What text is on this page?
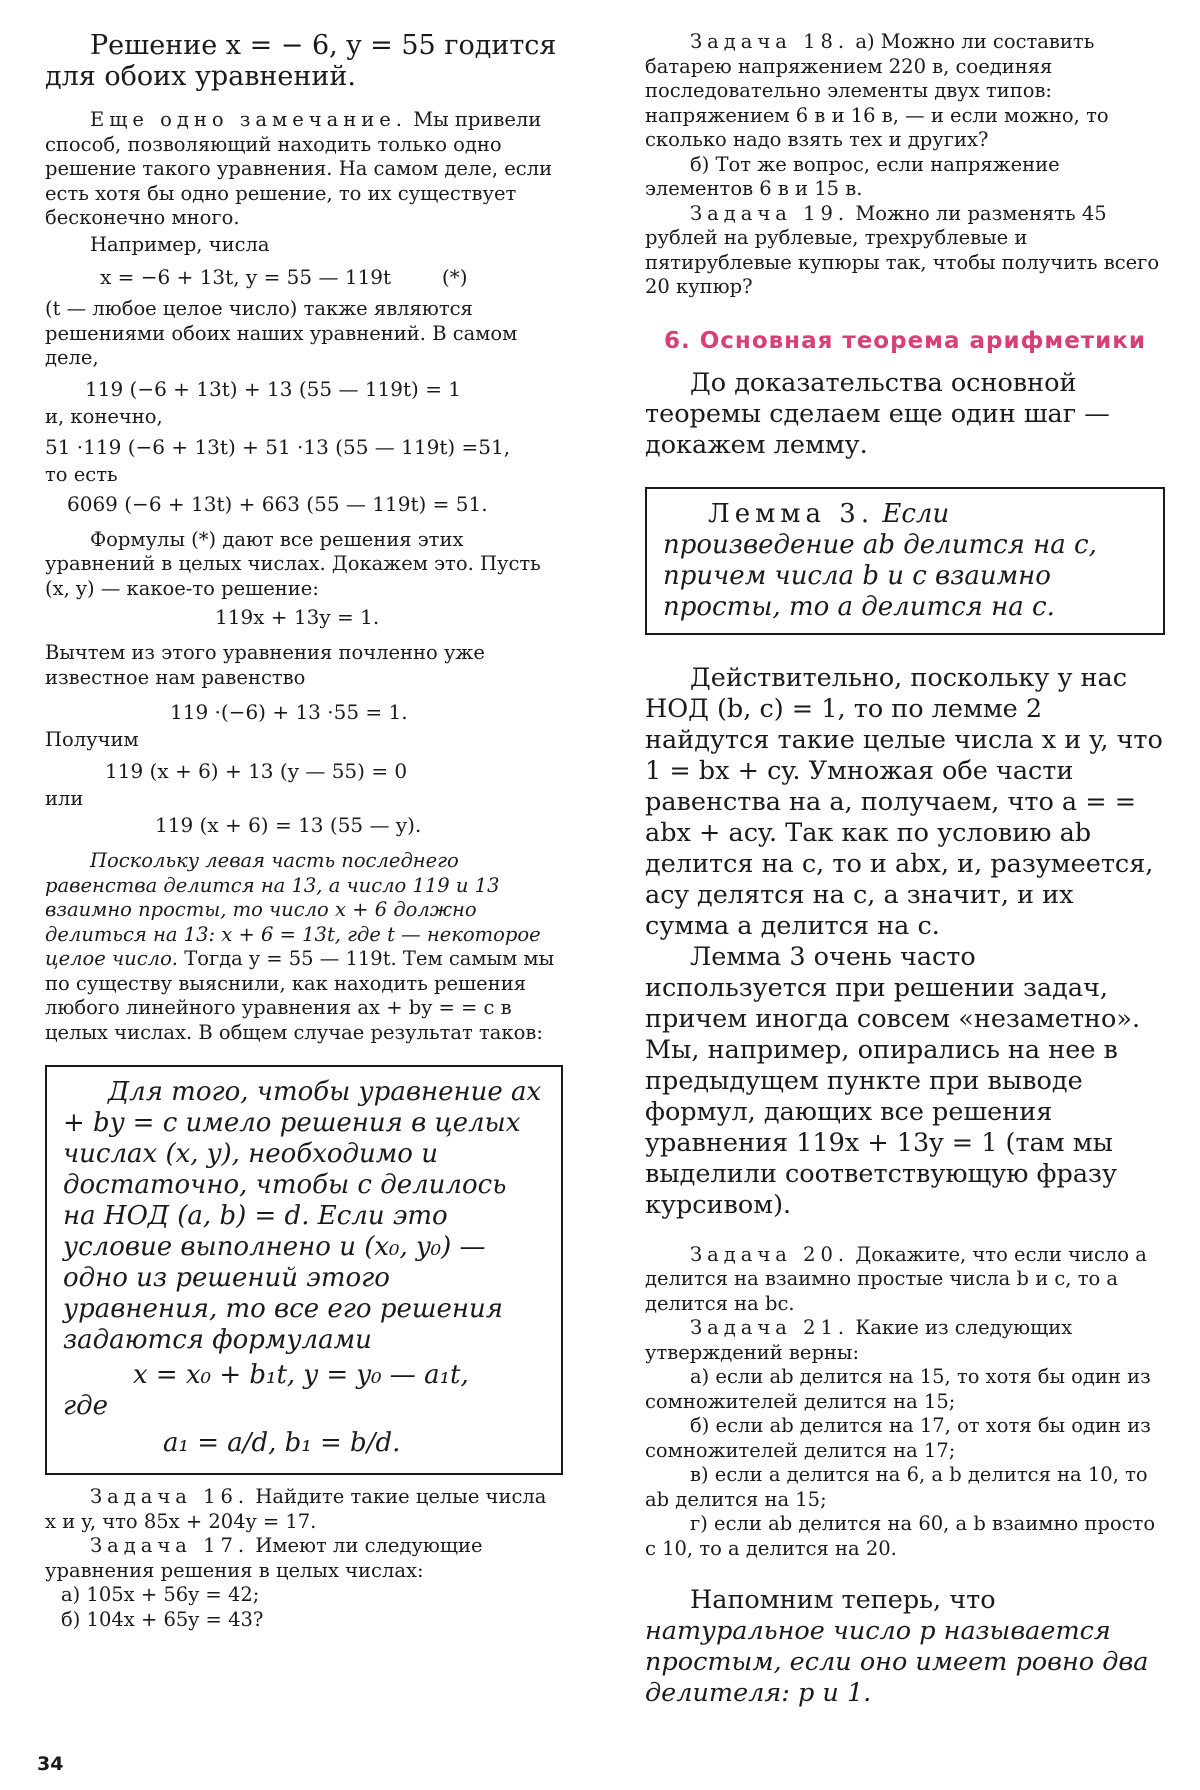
Решение x = − 6, y = 55 годится для обоих уравнений.

Еще одно замечание. Мы привели способ, позволяющий находить только одно решение такого уравнения. На самом деле, если есть хотя бы одно решение, то их существует бесконечно много.

Например, числа

x = −6 + 13t, y = 55 — 119t        (*)

(t — любое целое число) также являются решениями обоих наших уравнений. В самом деле,

119 (−6 + 13t) + 13 (55 — 119t) = 1

и, конечно,

51 ·119 (−6 + 13t) + 51 ·13 (55 — 119t) =51,

то есть

6069 (−6 + 13t) + 663 (55 — 119t) = 51.

Формулы (*) дают все решения этих уравнений в целых числах. Докажем это. Пусть (x, y) — какое-то решение:

119x + 13y = 1.

Вычтем из этого уравнения почленно уже известное нам равенство

119 ·(−6) + 13 ·55 = 1.

Получим

119 (x + 6) + 13 (y — 55) = 0

или

119 (x + 6) = 13 (55 — y).

Поскольку левая часть последнего равенства делится на 13, а число 119 и 13 взаимно просты, то число x + 6 должно делиться на 13: x + 6 = 13t, где t — некоторое целое число. Тогда y = 55 — 119t. Тем самым мы по существу выяснили, как находить решения любого линейного уравнения ax + by = = c в целых числах. В общем случае результат таков:

Для того, чтобы уравнение ax + by = c имело решения в целых числах (x, y), необходимо и достаточно, чтобы c делилось на НОД (a, b) = d. Если это условие выполнено и (x₀, y₀) — одно из решений этого уравнения, то все его решения задаются формулами

x = x₀ + b₁t, y = y₀ — a₁t,

где

a₁ = a/d, b₁ = b/d.

Задача 16. Найдите такие целые числа x и y, что 85x + 204y = 17.

Задача 17. Имеют ли следующие уравнения решения в целых числах:

а) 105x + 56y = 42;

б) 104x + 65y = 43?

Задача 18. а) Можно ли составить батарею напряжением 220 в, соединяя последовательно элементы двух типов: напряжением 6 в и 16 в, — и если можно, то сколько надо взять тех и других?

б) Тот же вопрос, если напряжение элементов 6 в и 15 в.

Задача 19. Можно ли разменять 45 рублей на рублевые, трехрублевые и пятирублевые купюры так, чтобы получить всего 20 купюр?

6. Основная теорема арифметики

До доказательства основной теоремы сделаем еще один шаг — докажем лемму.

Лемма 3. Если произведение ab делится на c, причем числа b и c взаимно просты, то a делится на c.

Действительно, поскольку у нас НОД (b, c) = 1, то по лемме 2 найдутся такие целые числа x и y, что 1 = bx + cy. Умножая обе части равенства на a, получаем, что a = = abx + acy. Так как по условию ab делится на c, то и abx, и, разумеется, acy делятся на c, а значит, и их сумма a делится на c.

Лемма 3 очень часто используется при решении задач, причем иногда совсем «незаметно». Мы, например, опирались на нее в предыдущем пункте при выводе формул, дающих все решения уравнения 119x + 13y = 1 (там мы выделили соответствующую фразу курсивом).

Задача 20. Докажите, что если число a делится на взаимно простые числа b и c, то a делится на bc.

Задача 21. Какие из следующих утверждений верны:

а) если ab делится на 15, то хотя бы один из сомножителей делится на 15;

б) если ab делится на 17, от хотя бы один из сомножителей делится на 17;

в) если a делится на 6, а b делится на 10, то ab делится на 15;

г) если ab делится на 60, а b взаимно просто с 10, то a делится на 20.

Напомним теперь, что натуральное число p называется простым, если оно имеет ровно два делителя: p и 1.

34
